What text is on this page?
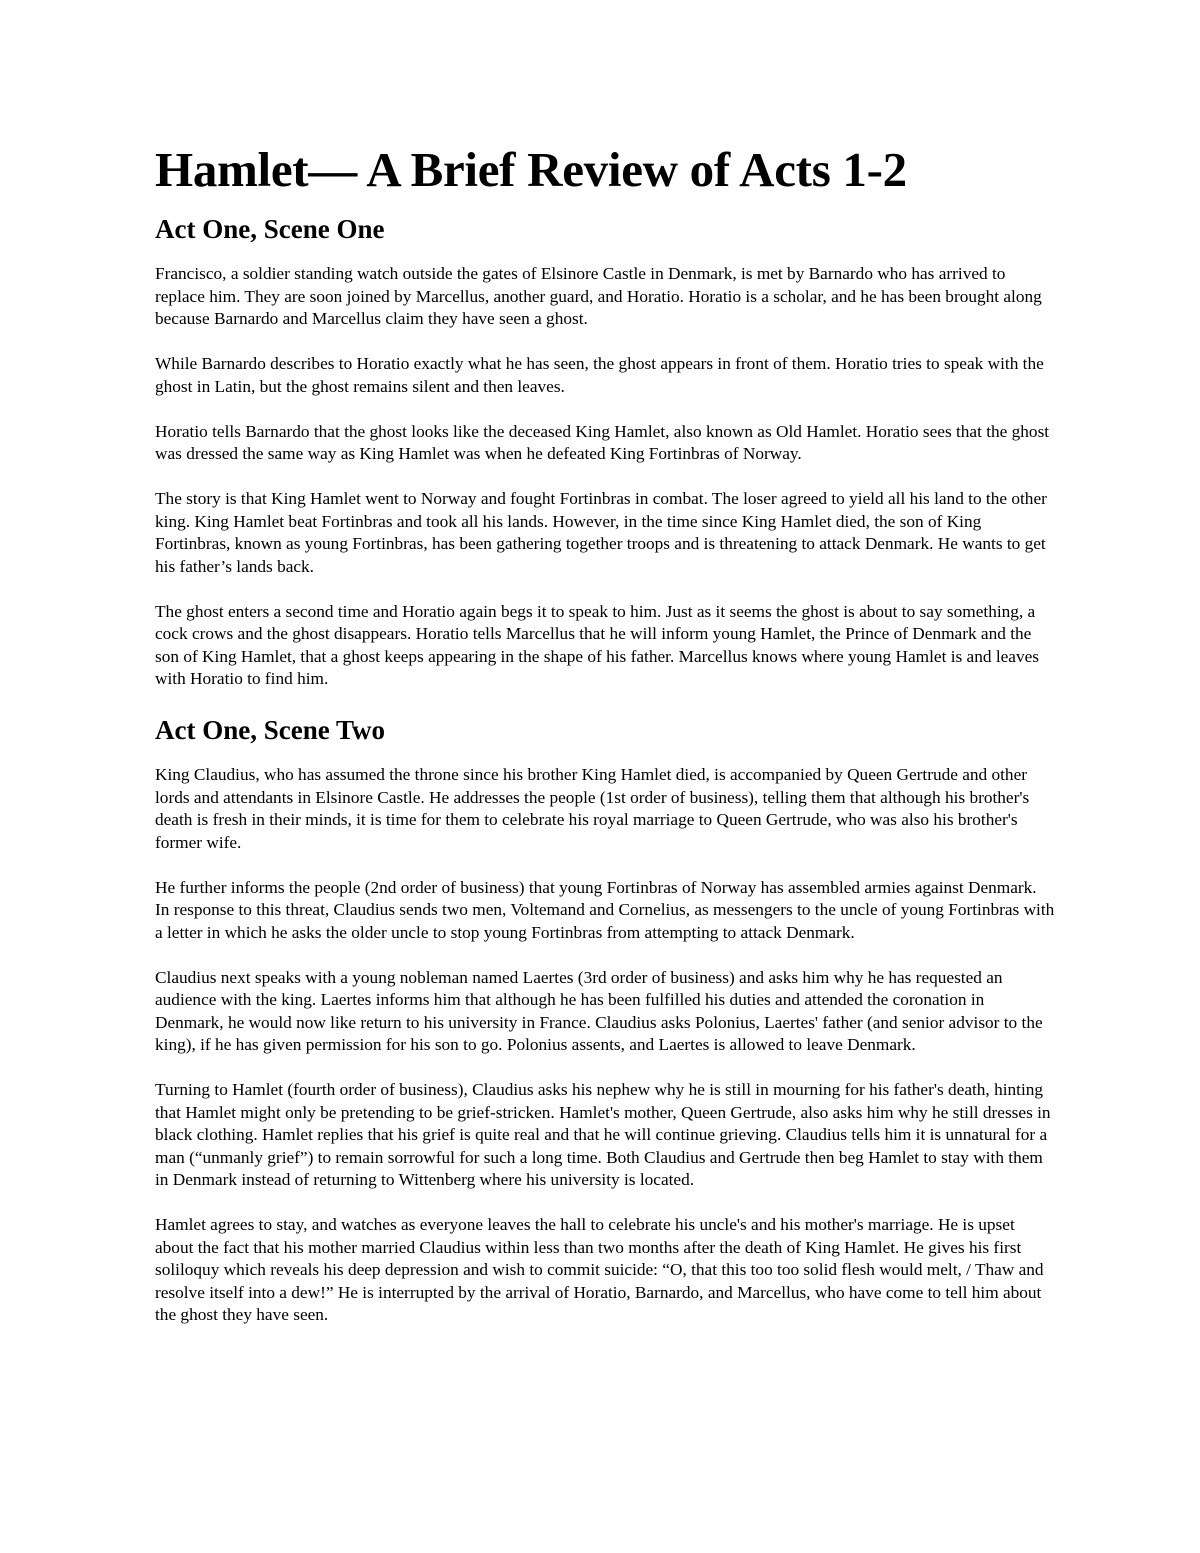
Hamlet— A Brief Review of Acts 1-2
Act One, Scene One

Francisco, a soldier standing watch outside the gates of Elsinore Castle in Denmark, is met by Barnardo who has arrived to replace him. They are soon joined by Marcellus, another guard, and Horatio. Horatio is a scholar, and he has been brought along because Barnardo and Marcellus claim they have seen a ghost.

While Barnardo describes to Horatio exactly what he has seen, the ghost appears in front of them. Horatio tries to speak with the ghost in Latin, but the ghost remains silent and then leaves.

Horatio tells Barnardo that the ghost looks like the deceased King Hamlet, also known as Old Hamlet. Horatio sees that the ghost was dressed the same way as King Hamlet was when he defeated King Fortinbras of Norway.

The story is that King Hamlet went to Norway and fought Fortinbras in combat. The loser agreed to yield all his land to the other king. King Hamlet beat Fortinbras and took all his lands. However, in the time since King Hamlet died, the son of King Fortinbras, known as young Fortinbras, has been gathering together troops and is threatening to attack Denmark. He wants to get his father’s lands back.

The ghost enters a second time and Horatio again begs it to speak to him. Just as it seems the ghost is about to say something, a cock crows and the ghost disappears. Horatio tells Marcellus that he will inform young Hamlet, the Prince of Denmark and the son of King Hamlet, that a ghost keeps appearing in the shape of his father. Marcellus knows where young Hamlet is and leaves with Horatio to find him.

Act One, Scene Two

King Claudius, who has assumed the throne since his brother King Hamlet died, is accompanied by Queen Gertrude and other lords and attendants in Elsinore Castle. He addresses the people (1st order of business), telling them that although his brother's death is fresh in their minds, it is time for them to celebrate his royal marriage to Queen Gertrude, who was also his brother's former wife.

He further informs the people (2nd order of business) that young Fortinbras of Norway has assembled armies against Denmark. In response to this threat, Claudius sends two men, Voltemand and Cornelius, as messengers to the uncle of young Fortinbras with a letter in which he asks the older uncle to stop young Fortinbras from attempting to attack Denmark.

Claudius next speaks with a young nobleman named Laertes (3rd order of business) and asks him why he has requested an audience with the king. Laertes informs him that although he has been fulfilled his duties and attended the coronation in Denmark, he would now like return to his university in France. Claudius asks Polonius, Laertes' father (and senior advisor to the king), if he has given permission for his son to go. Polonius assents, and Laertes is allowed to leave Denmark.

Turning to Hamlet (fourth order of business), Claudius asks his nephew why he is still in mourning for his father's death, hinting that Hamlet might only be pretending to be grief-stricken. Hamlet's mother, Queen Gertrude, also asks him why he still dresses in black clothing. Hamlet replies that his grief is quite real and that he will continue grieving. Claudius tells him it is unnatural for a man (“unmanly grief”) to remain sorrowful for such a long time. Both Claudius and Gertrude then beg Hamlet to stay with them in Denmark instead of returning to Wittenberg where his university is located.

Hamlet agrees to stay, and watches as everyone leaves the hall to celebrate his uncle's and his mother's marriage. He is upset about the fact that his mother married Claudius within less than two months after the death of King Hamlet. He gives his first soliloquy which reveals his deep depression and wish to commit suicide: “O, that this too too solid flesh would melt, / Thaw and resolve itself into a dew!” He is interrupted by the arrival of Horatio, Barnardo, and Marcellus, who have come to tell him about the ghost they have seen.
